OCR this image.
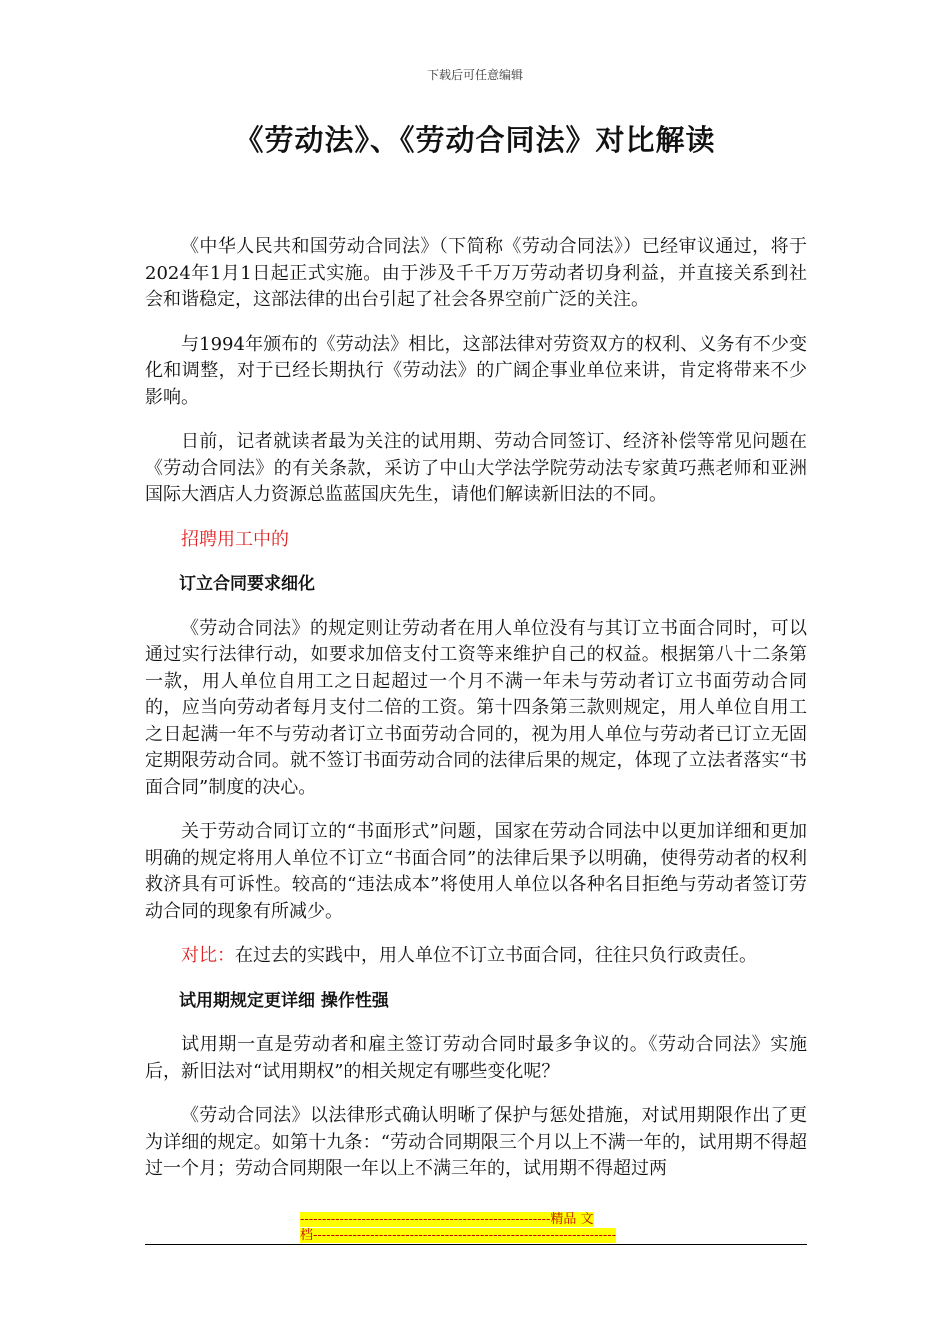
下载后可任意编辑
《劳动法》、《劳动合同法》对比解读

《中华人民共和国劳动合同法》（下简称《劳动合同法》）已经审议通过，将于2024年1月1日起正式实施。由于涉及千千万万劳动者切身利益，并直接关系到社会和谐稳定，这部法律的出台引起了社会各界空前广泛的关注。

与1994年颁布的《劳动法》相比，这部法律对劳资双方的权利、义务有不少变化和调整，对于已经长期执行《劳动法》的广阔企事业单位来讲，肯定将带来不少影响。

日前，记者就读者最为关注的试用期、劳动合同签订、经济补偿等常见问题在《劳动合同法》的有关条款，采访了中山大学法学院劳动法专家黄巧燕老师和亚洲国际大酒店人力资源总监蓝国庆先生，请他们解读新旧法的不同。

招聘用工中的

订立合同要求细化

《劳动合同法》的规定则让劳动者在用人单位没有与其订立书面合同时，可以通过实行法律行动，如要求加倍支付工资等来维护自己的权益。根据第八十二条第一款，用人单位自用工之日起超过一个月不满一年未与劳动者订立书面劳动合同的，应当向劳动者每月支付二倍的工资。第十四条第三款则规定，用人单位自用工之日起满一年不与劳动者订立书面劳动合同的，视为用人单位与劳动者已订立无固定期限劳动合同。就不签订书面劳动合同的法律后果的规定，体现了立法者落实“书面合同”制度的决心。

关于劳动合同订立的“书面形式”问题，国家在劳动合同法中以更加详细和更加明确的规定将用人单位不订立“书面合同”的法律后果予以明确，使得劳动者的权利救济具有可诉性。较高的“违法成本”将使用人单位以各种名目拒绝与劳动者签订劳动合同的现象有所减少。

对比：在过去的实践中，用人单位不订立书面合同，往往只负行政责任。

试用期规定更详细 操作性强

试用期一直是劳动者和雇主签订劳动合同时最多争议的。《劳动合同法》实施后，新旧法对“试用期权”的相关规定有哪些变化呢？

《劳动合同法》以法律形式确认明晰了保护与惩处措施，对试用期限作出了更为详细的规定。如第十九条：“劳动合同期限三个月以上不满一年的，试用期不得超过一个月；劳动合同期限一年以上不满三年的，试用期不得超过两

---------------------------------------------------------精品 文
档---------------------------------------------------------------------
